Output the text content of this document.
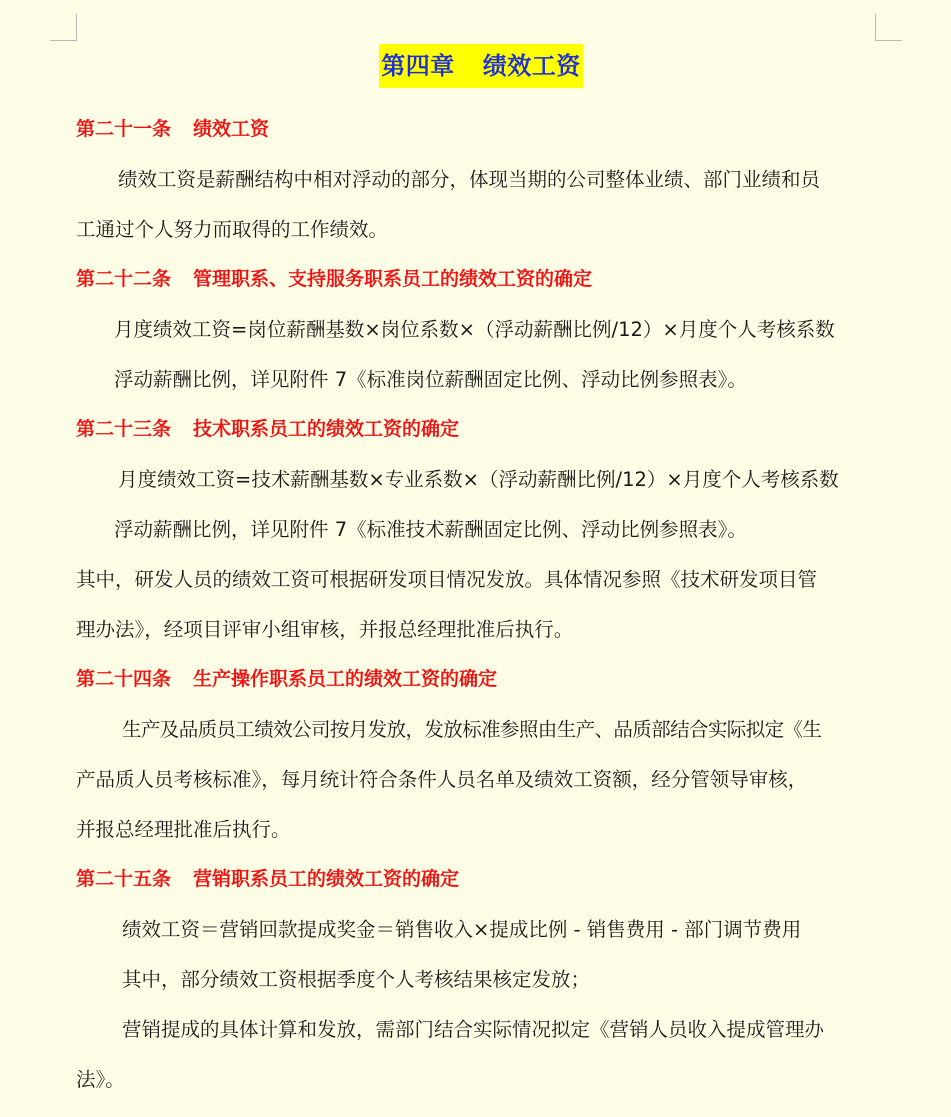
第四章 绩效工资
第二十一条 绩效工资
绩效工资是薪酬结构中相对浮动的部分，体现当期的公司整体业绩、部门业绩和员
工通过个人努力而取得的工作绩效。
第二十二条 管理职系、支持服务职系员工的绩效工资的确定
月度绩效工资=岗位薪酬基数×岗位系数×（浮动薪酬比例/12）×月度个人考核系数
浮动薪酬比例，详见附件 7《标准岗位薪酬固定比例、浮动比例参照表》。
第二十三条 技术职系员工的绩效工资的确定
月度绩效工资=技术薪酬基数×专业系数×（浮动薪酬比例/12）×月度个人考核系数
浮动薪酬比例，详见附件 7《标准技术薪酬固定比例、浮动比例参照表》。
其中，研发人员的绩效工资可根据研发项目情况发放。具体情况参照《技术研发项目管
理办法》，经项目评审小组审核，并报总经理批准后执行。
第二十四条 生产操作职系员工的绩效工资的确定
生产及品质员工绩效公司按月发放，发放标准参照由生产、品质部结合实际拟定《生
产品质人员考核标准》，每月统计符合条件人员名单及绩效工资额，经分管领导审核，
并报总经理批准后执行。
第二十五条 营销职系员工的绩效工资的确定
绩效工资＝营销回款提成奖金＝销售收入×提成比例 - 销售费用 - 部门调节费用
其中，部分绩效工资根据季度个人考核结果核定发放；
营销提成的具体计算和发放，需部门结合实际情况拟定《营销人员收入提成管理办
法》。
